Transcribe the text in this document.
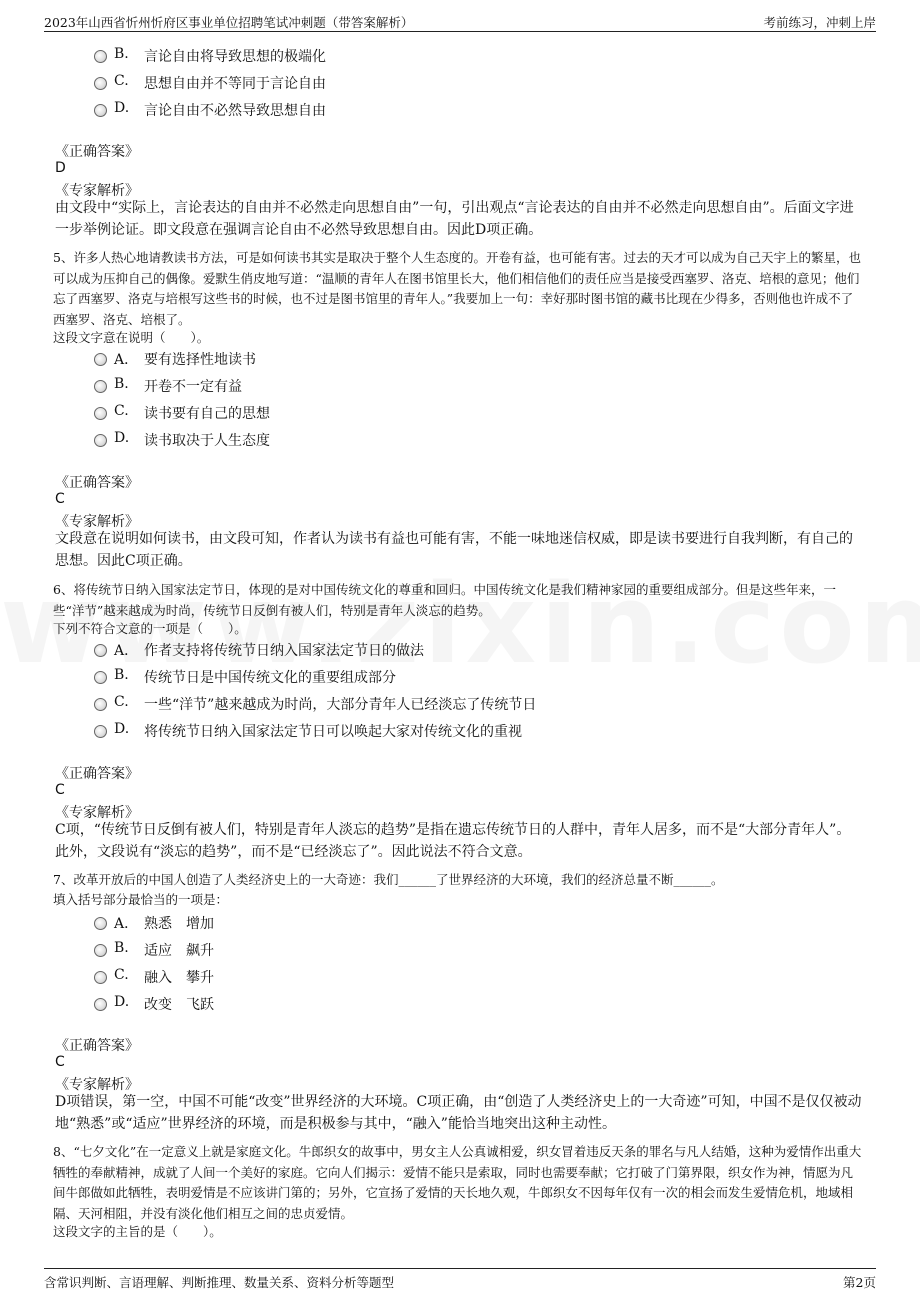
2023年山西省忻州忻府区事业单位招聘笔试冲刺题（带答案解析）	考前练习，冲刺上岸
B. 言论自由将导致思想的极端化
C. 思想自由并不等同于言论自由
D. 言论自由不必然导致思想自由
《正确答案》
D
《专家解析》
由文段中“实际上，言论表达的自由并不必然走向思想自由”一句，引出观点“言论表达的自由并不必然走向思想自由”。后面文字进一步举例论证。即文段意在强调言论自由不必然导致思想自由。因此D项正确。
5、许多人热心地请教读书方法，可是如何读书其实是取决于整个人生态度的。开卷有益，也可能有害。过去的天才可以成为自己天宇上的繁星，也可以成为压抑自己的偶像。爱默生俏皮地写道：“温顺的青年人在图书馆里长大，他们相信他们的责任应当是接受西塞罗、洛克、培根的意见；他们忘了西塞罗、洛克与培根写这些书的时候，也不过是图书馆里的青年人。”我要加上一句：幸好那时图书馆的藏书比现在少得多，否则他也许成不了西塞罗、洛克、培根了。
这段文字意在说明（　　）。
A． 要有选择性地读书
B. 开卷不一定有益
C. 读书要有自己的思想
D. 读书取决于人生态度
《正确答案》
C
《专家解析》
文段意在说明如何读书，由文段可知，作者认为读书有益也可能有害，不能一味地迷信权威，即是读书要进行自我判断，有自己的思想。因此C项正确。
6、将传统节日纳入国家法定节日，体现的是对中国传统文化的尊重和回归。中国传统文化是我们精神家园的重要组成部分。但是这些年来，一些“洋节”越来越成为时尚，传统节日反倒有被人们，特别是青年人淡忘的趋势。
下列不符合文意的一项是（　　）。
A． 作者支持将传统节日纳入国家法定节日的做法
B. 传统节日是中国传统文化的重要组成部分
C. 一些“洋节”越来越成为时尚，大部分青年人已经淡忘了传统节日
D. 将传统节日纳入国家法定节日可以唤起大家对传统文化的重视
《正确答案》
C
《专家解析》
C项，“传统节日反倒有被人们，特别是青年人淡忘的趋势”是指在遗忘传统节日的人群中，青年人居多，而不是“大部分青年人”。此外，文段说有“淡忘的趋势”，而不是“已经淡忘了”。因此说法不符合文意。
7、改革开放后的中国人创造了人类经济史上的一大奇迹：我们______了世界经济的大环境，我们的经济总量不断______。
填入括号部分最恰当的一项是：
A． 熟悉　增加
B. 适应　飙升
C. 融入　攀升
D. 改变　飞跃
《正确答案》
C
《专家解析》
D项错误，第一空，中国不可能“改变”世界经济的大环境。C项正确，由“创造了人类经济史上的一大奇迹”可知，中国不是仅仅被动地“熟悉”或“适应”世界经济的环境，而是积极参与其中，“融入”能恰当地突出这种主动性。
8、“七夕文化”在一定意义上就是家庭文化。牛郎织女的故事中，男女主人公真诚相爱，织女冒着违反天条的罪名与凡人结婚，这种为爱情作出重大牺牲的奉献精神，成就了人间一个美好的家庭。它向人们揭示：爱情不能只是索取，同时也需要奉献；它打破了门第界限，织女作为神，情愿为凡间牛郎做如此牺牲，表明爱情是不应该讲门第的；另外，它宣扬了爱情的天长地久观，牛郎织女不因每年仅有一次的相会而发生爱情危机，地域相隔、天河相阻，并没有淡化他们相互之间的忠贞爱情。
这段文字的主旨的是（　　）。
含常识判断、言语理解、判断推理、数量关系、资料分析等题型	第2页
